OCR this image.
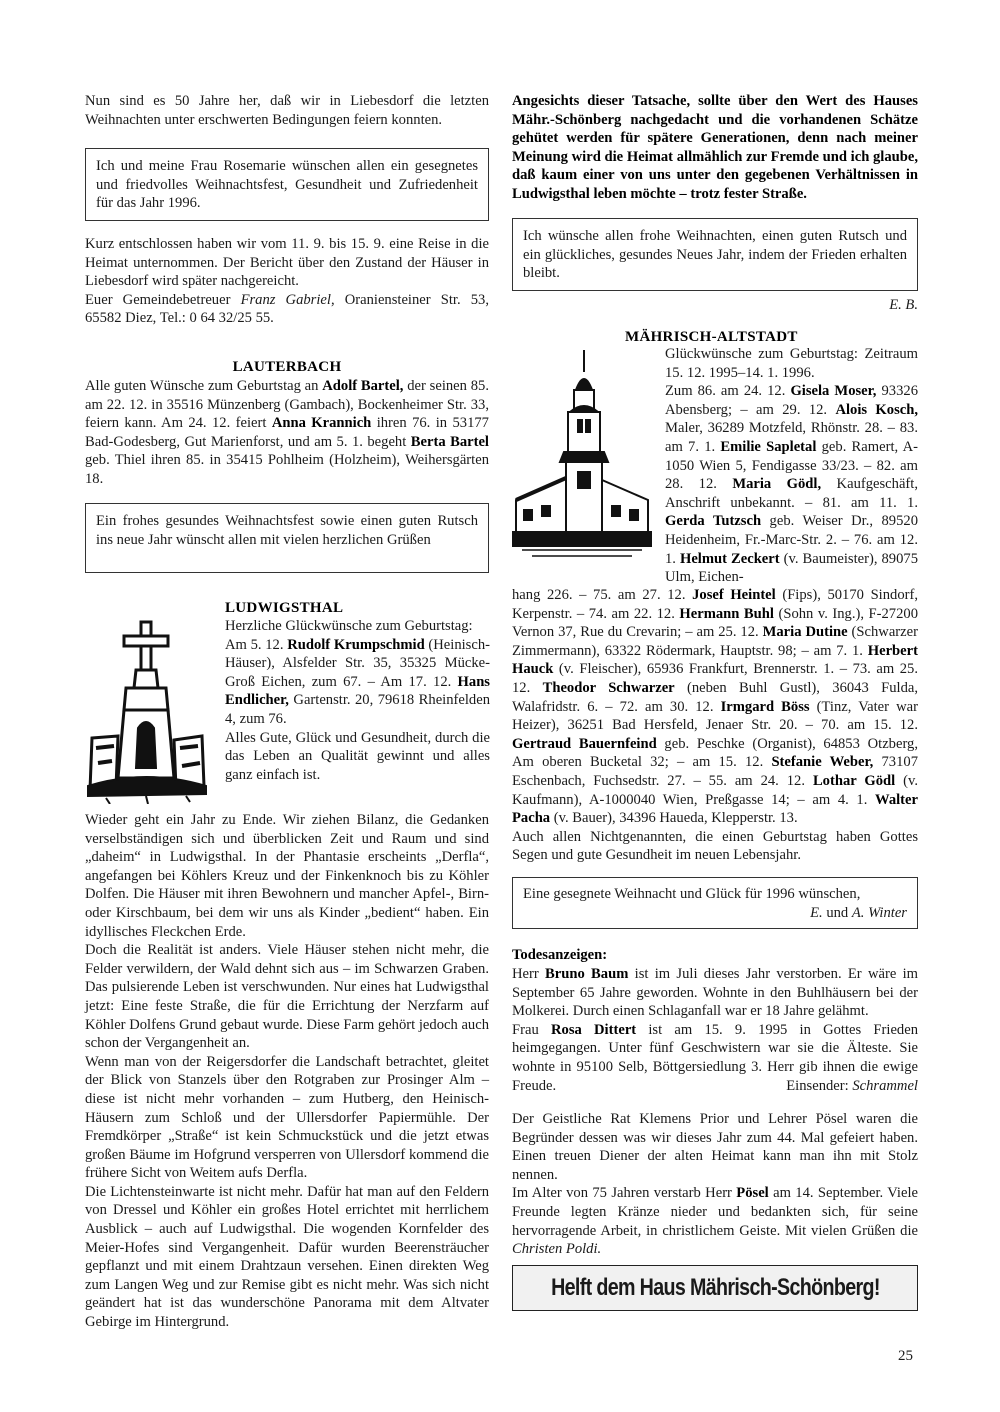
Nun sind es 50 Jahre her, daß wir in Liebesdorf die letzten Weihnachten unter erschwerten Bedingungen feiern konnten.
Ich und meine Frau Rosemarie wünschen allen ein gesegnetes und friedvolles Weihnachtsfest, Gesundheit und Zufriedenheit für das Jahr 1996.
Kurz entschlossen haben wir vom 11. 9. bis 15. 9. eine Reise in die Heimat unternommen. Der Bericht über den Zustand der Häuser in Liebesdorf wird später nachgereicht.
Euer Gemeindebetreuer Franz Gabriel, Oraniensteiner Str. 53, 65582 Diez, Tel.: 0 64 32/25 55.
LAUTERBACH
Alle guten Wünsche zum Geburtstag an Adolf Bartel, der seinen 85. am 22. 12. in 35516 Münzenberg (Gambach), Bockenheimer Str. 33, feiern kann. Am 24. 12. feiert Anna Krannich ihren 76. in 53177 Bad-Godesberg, Gut Marienforst, und am 5. 1. begeht Berta Bartel geb. Thiel ihren 85. in 35415 Pohlheim (Holzheim), Weihersgärten 18.
Ein frohes gesundes Weihnachtsfest sowie einen guten Rutsch ins neue Jahr wünscht allen mit vielen herzlichen Grüßen
LUDWIGSTHAL
Herzliche Glückwünsche zum Geburtstag:
Am 5. 12. Rudolf Krumpschmid (Heinisch-Häuser), Alsfelder Str. 35, 35325 Mücke-Groß Eichen, zum 67. – Am 17. 12. Hans Endlicher, Gartenstr. 20, 79618 Rheinfelden 4, zum 76.
Alles Gute, Glück und Gesundheit, durch die das Leben an Qualität gewinnt und alles ganz einfach ist.

Wieder geht ein Jahr zu Ende. Wir ziehen Bilanz, die Gedanken verselbständigen sich und überblicken Zeit und Raum und sind „daheim“ in Ludwigsthal. In der Phantasie erscheints „Derfla“, angefangen bei Köhlers Kreuz und der Finkenknoch bis zu Köhler Dolfen. Die Häuser mit ihren Bewohnern und mancher Apfel-, Birn- oder Kirschbaum, bei dem wir uns als Kinder „bedient“ haben. Ein idyllisches Fleckchen Erde.

Doch die Realität ist anders. Viele Häuser stehen nicht mehr, die Felder verwildern, der Wald dehnt sich aus – im Schwarzen Graben. Das pulsierende Leben ist verschwunden. Nur eines hat Ludwigsthal jetzt: Eine feste Straße, die für die Errichtung der Nerzfarm auf Köhler Dolfens Grund gebaut wurde. Diese Farm gehört jedoch auch schon der Vergangenheit an.

Wenn man von der Reigersdorfer die Landschaft betrachtet, gleitet der Blick von Stanzels über den Rotgraben zur Prosinger Alm – diese ist nicht mehr vorhanden – zum Hutberg, den Heinisch-Häusern zum Schloß und der Ullersdorfer Papiermühle. Der Fremdkörper „Straße“ ist kein Schmuckstück und die jetzt etwas großen Bäume im Hofgrund versperren von Ullersdorf kommend die frühere Sicht von Weitem aufs Derfla.

Die Lichtensteinwarte ist nicht mehr. Dafür hat man auf den Feldern von Dressel und Köhler ein großes Hotel errichtet mit herrlichem Ausblick – auch auf Ludwigsthal. Die wogenden Kornfelder des Meier-Hofes sind Vergangenheit. Dafür wurden Beerensträucher gepflanzt und mit einem Drahtzaun versehen. Einen direkten Weg zum Langen Weg und zur Remise gibt es nicht mehr. Was sich nicht geändert hat ist das wunderschöne Panorama mit dem Altvater Gebirge im Hintergrund.

Angesichts dieser Tatsache, sollte über den Wert des Hauses Mähr.-Schönberg nachgedacht und die vorhandenen Schätze gehütet werden für spätere Generationen, denn nach meiner Meinung wird die Heimat allmählich zur Fremde und ich glaube, daß kaum einer von uns unter den gegebenen Verhältnissen in Ludwigsthal leben möchte – trotz fester Straße.
Ich wünsche allen frohe Weihnachten, einen guten Rutsch und ein glückliches, gesundes Neues Jahr, indem der Frieden erhalten bleibt.
E. B.
MÄHRISCH-ALTSTADT
Glückwünsche zum Geburtstag: Zeitraum 15. 12. 1995–14. 1. 1996.
Zum 86. am 24. 12. Gisela Moser, 93326 Abensberg; – am 29. 12. Alois Kosch, Maler, 36289 Motzfeld, Rhönstr. 28. – 83. am 7. 1. Emilie Sapletal geb. Ramert, A-1050 Wien 5, Fendigasse 33/23. – 82. am 28. 12. Maria Gödl, Kaufgeschäft, Anschrift unbekannt. – 81. am 11. 1. Gerda Tutzsch geb. Weiser Dr., 89520 Heidenheim, Fr.-Marc-Str. 2. – 76. am 12. 1. Helmut Zeckert (v. Baumeister), 89075 Ulm, Eichen-
hang 226. – 75. am 27. 12. Josef Heintel (Fips), 50170 Sindorf, Kerpenstr. – 74. am 22. 12. Hermann Buhl (Sohn v. Ing.), F-27200 Vernon 37, Rue du Crevarin; – am 25. 12. Maria Dutine (Schwarzer Zimmermann), 63322 Rödermark, Hauptstr. 98; – am 7. 1. Herbert Hauck (v. Fleischer), 65936 Frankfurt, Brennerstr. 1. – 73. am 25. 12. Theodor Schwarzer (neben Buhl Gustl), 36043 Fulda, Walafridstr. 6. – 72. am 30. 12. Irmgard Böss (Tinz, Vater war Heizer), 36251 Bad Hersfeld, Jenaer Str. 20. – 70. am 15. 12. Gertraud Bauernfeind geb. Peschke (Organist), 64853 Otzberg, Am oberen Bucketal 32; – am 15. 12. Stefanie Weber, 73107 Eschenbach, Fuchsedstr. 27. – 55. am 24. 12. Lothar Gödl (v. Kaufmann), A-1000040 Wien, Preßgasse 14; – am 4. 1. Walter Pacha (v. Bauer), 34396 Haueda, Klepperstr. 13.
Auch allen Nichtgenannten, die einen Geburtstag haben Gottes Segen und gute Gesundheit im neuen Lebensjahr.
Eine gesegnete Weihnacht und Glück für 1996 wünschen,
E. und A. Winter
Todesanzeigen:
Herr Bruno Baum ist im Juli dieses Jahr verstorben. Er wäre im September 65 Jahre geworden. Wohnte in den Buhlhäusern bei der Molkerei. Durch einen Schlaganfall war er 18 Jahre gelähmt.
Frau Rosa Dittert ist am 15. 9. 1995 in Gottes Frieden heimgegangen. Unter fünf Geschwistern war sie die Älteste. Sie wohnte in 95100 Selb, Böttgersiedlung 3. Herr gib ihnen die ewige Freude.	Einsender: Schrammel
Der Geistliche Rat Klemens Prior und Lehrer Pösel waren die Begründer dessen was wir dieses Jahr zum 44. Mal gefeiert haben. Einen treuen Diener der alten Heimat kann man ihn mit Stolz nennen.
Im Alter von 75 Jahren verstarb Herr Pösel am 14. September. Viele Freunde legten Kränze nieder und bedankten sich, für seine hervorragende Arbeit, in christlichem Geiste. Mit vielen Grüßen die Christen Poldi.
Helft dem Haus Mährisch-Schönberg!
25
